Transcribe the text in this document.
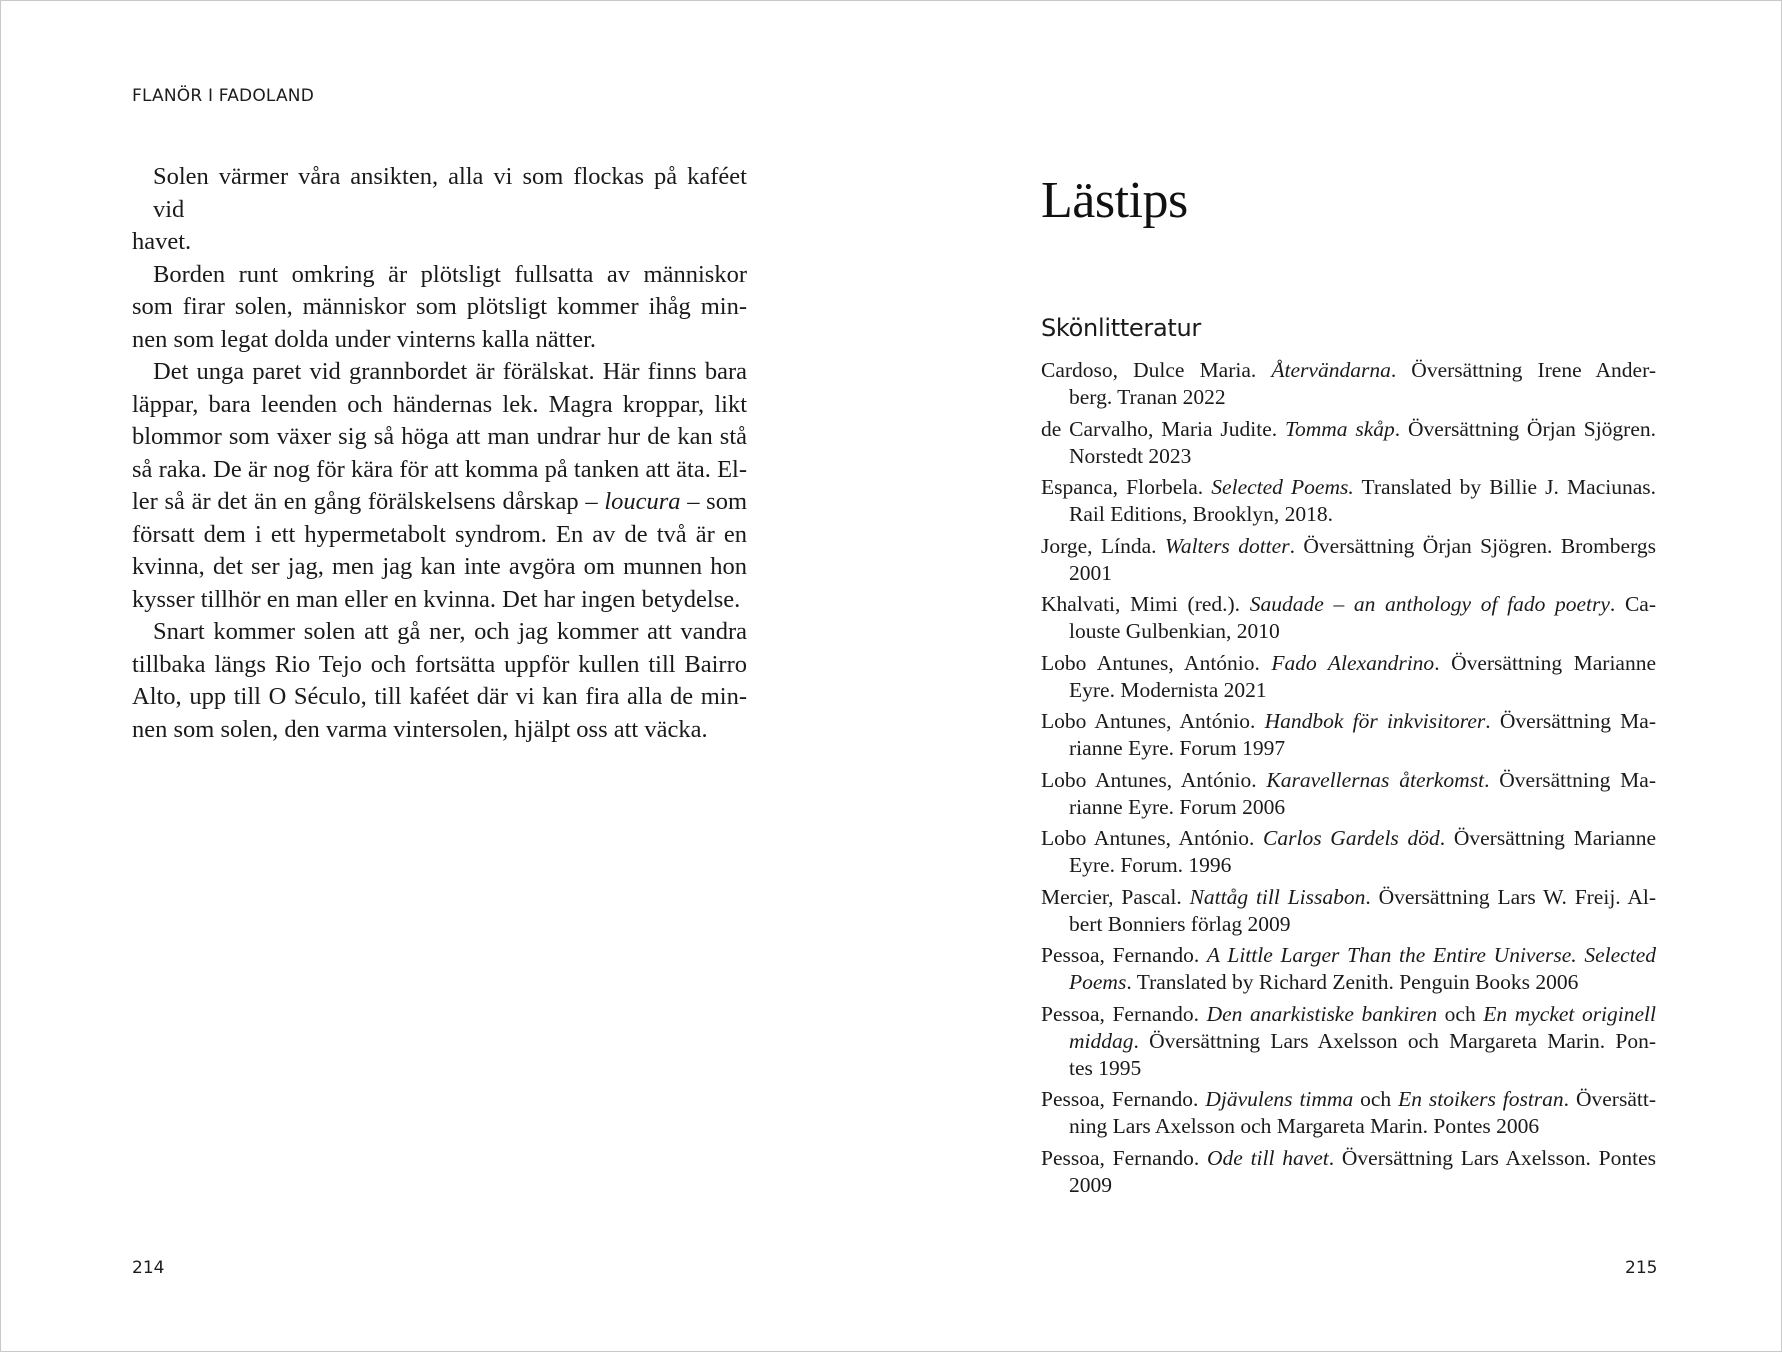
FLANÖR I FADOLAND
Solen värmer våra ansikten, alla vi som flockas på kaféet vid
havet.
Borden runt omkring är plötsligt fullsatta av människor
som firar solen, människor som plötsligt kommer ihåg min-
nen som legat dolda under vinterns kalla nätter.
Det unga paret vid grannbordet är förälskat. Här finns bara
läppar, bara leenden och händernas lek. Magra kroppar, likt
blommor som växer sig så höga att man undrar hur de kan stå
så raka. De är nog för kära för att komma på tanken att äta. El-
ler så är det än en gång förälskelsens dårskap – loucura – som
försatt dem i ett hypermetabolt syndrom. En av de två är en
kvinna, det ser jag, men jag kan inte avgöra om munnen hon
kysser tillhör en man eller en kvinna. Det har ingen betydelse.
Snart kommer solen att gå ner, och jag kommer att vandra
tillbaka längs Rio Tejo och fortsätta uppför kullen till Bairro
Alto, upp till O Século, till kaféet där vi kan fira alla de min-
nen som solen, den varma vintersolen, hjälpt oss att väcka.
214
Lästips
Skönlitteratur
Cardoso, Dulce Maria. Återvändarna. Översättning Irene Ander-
berg. Tranan 2022
de Carvalho, Maria Judite. Tomma skåp. Översättning Örjan Sjögren.
Norstedt 2023
Espanca, Florbela. Selected Poems. Translated by Billie J. Maciunas.
Rail Editions, Brooklyn, 2018.
Jorge, Línda. Walters dotter. Översättning Örjan Sjögren. Brombergs
2001
Khalvati, Mimi (red.). Saudade – an anthology of fado poetry. Ca-
louste Gulbenkian, 2010
Lobo Antunes, António. Fado Alexandrino. Översättning Marianne
Eyre. Modernista 2021
Lobo Antunes, António. Handbok för inkvisitorer. Översättning Ma-
rianne Eyre. Forum 1997
Lobo Antunes, António. Karavellernas återkomst. Översättning Ma-
rianne Eyre. Forum 2006
Lobo Antunes, António. Carlos Gardels död. Översättning Marianne
Eyre. Forum. 1996
Mercier, Pascal. Nattåg till Lissabon. Översättning Lars W. Freij. Al-
bert Bonniers förlag 2009
Pessoa, Fernando. A Little Larger Than the Entire Universe. Selected
Poems. Translated by Richard Zenith. Penguin Books 2006
Pessoa, Fernando. Den anarkistiske bankiren och En mycket originell
middag. Översättning Lars Axelsson och Margareta Marin. Pon-
tes 1995
Pessoa, Fernando. Djävulens timma och En stoikers fostran. Översätt-
ning Lars Axelsson och Margareta Marin. Pontes 2006
Pessoa, Fernando. Ode till havet. Översättning Lars Axelsson. Pontes
2009
215
